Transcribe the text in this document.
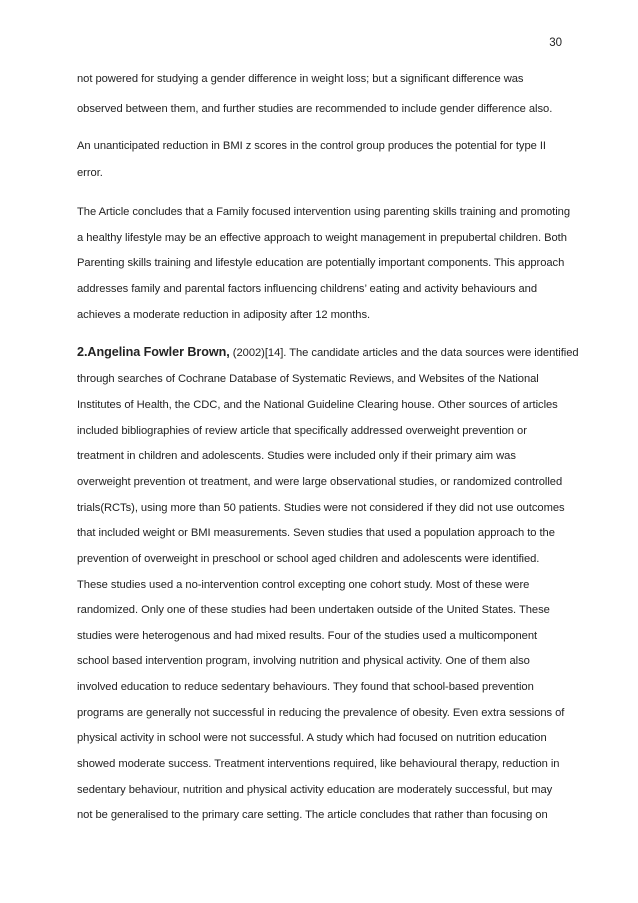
30
not powered for studying a gender difference in weight loss; but a significant difference was
observed between them, and further studies are recommended to include gender difference also.
An unanticipated reduction in BMI z scores in the control group produces the potential for type II
error.
The Article concludes that a Family focused intervention using parenting skills training and promoting
a healthy lifestyle may be an effective approach to weight management in prepubertal children. Both
Parenting skills training and lifestyle education are potentially important components. This approach
addresses family and parental factors influencing childrens’ eating and activity behaviours and
achieves a moderate reduction in adiposity after 12 months.
2.Angelina Fowler Brown, (2002)[14]. The candidate articles and the data sources were identified
through searches of Cochrane Database of Systematic Reviews, and Websites of the National
Institutes of Health, the CDC, and the National Guideline Clearing house. Other sources of articles
included bibliographies of review article that specifically addressed overweight prevention or
treatment in children and adolescents. Studies were included only if their primary aim was
overweight prevention ot treatment, and were large observational studies, or randomized controlled
trials(RCTs), using more than 50 patients. Studies were not considered if they did not use outcomes
that included weight or BMI measurements. Seven studies that used a population approach to the
prevention of overweight in preschool or school aged children and adolescents were identified.
These studies used a no-intervention control excepting one cohort study. Most of these were
randomized. Only one of these studies had been undertaken outside of the United States. These
studies were heterogenous and had mixed results. Four of the studies used a multicomponent
school based intervention program, involving nutrition and physical activity. One of them also
involved education to reduce sedentary behaviours. They found that school-based prevention
programs are generally not successful in reducing the prevalence of obesity. Even extra sessions of
physical activity in school were not successful. A study which had focused on nutrition education
showed moderate success. Treatment interventions required, like behavioural therapy, reduction in
sedentary behaviour, nutrition and physical activity education are moderately successful, but may
not be generalised to the primary care setting. The article concludes that rather than focusing on
